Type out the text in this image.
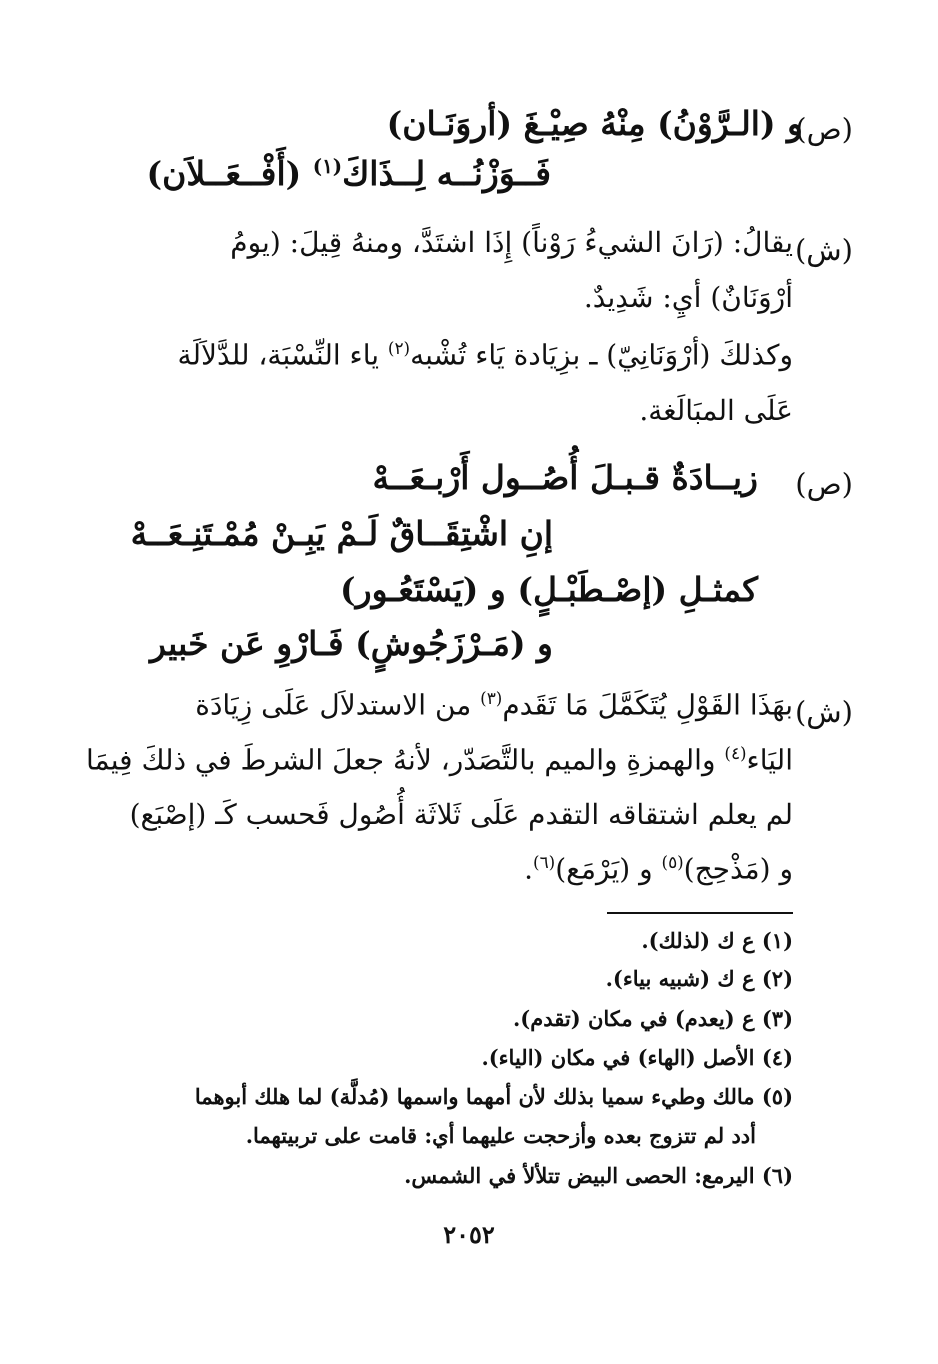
(ص)
و (الـرَّوْنُ) مِنْهُ صِيْـغَ (أروَنَـان)
فَــوَزْنُــه لِــذَاكَ$^{(١)}$ (أَفْــعَــلاَن)
(ش)
يقالُ: (رَانَ الشيءُ رَوْناً) إِذَا اشتَدَّ، ومنهُ قِيلَ: (يومُ
أرْوَنَانٌ) أيِ: شَدِيدٌ.
وكذلكَ (أرْوَنَانِيّ) ـ بزِيَادة يَاء تُشْبه$^{(٢)}$ ياء النِّسْبَة، للدَّلاَلَة
عَلَى المبَالَغة.
(ص)
زيــادَةٌ قـبـلَ أُصُــول أَرْبـعَــهْ
إنِ اشْتِقَــاقٌ لَـمْ يَبِـنْ مُمْـتَنِـعَــهْ
كمثـلِ (إصْـطَبْـلٍ) و (يَسْتَعُـور)
و (مَـرْزَجُوشٍ) فَـارْوِ عَن خَبير
(ش)
بهَذَا القَوْلِ يُتَكَمَّلَ مَا تَقَدم$^{(٣)}$ من الاستدلاَل عَلَى زِيَادَة
اليَاء$^{(٤)}$ والهمزةِ والميم بالتَّصَدّر، لأنهُ جعلَ الشرطَ في ذلكَ فِيمَا
لم يعلم اشتقاقه التقدم عَلَى ثَلاثَة أُصُول فَحسب كَـ (إصْبَع)
و (مَذْحِج)$^{(٥)}$ و (يَرْمَع)$^{(٦)}$.
(١) ع ك (لذلك).
(٢) ع ك (شبيه بياء).
(٣) ع (يعدم) في مكان (تقدم).
(٤) الأصل (الهاء) في مكان (الياء).
(٥) مالك وطيء سميا بذلك لأن أمهما واسمها (مُدلَّة) لما هلك أبوهما
أدد لم تتزوج بعده وأزحجت عليهما أي: قامت على تربيتهما.
(٦) اليرمع: الحصى البيض تتلألأ في الشمس.
٢٠٥٢
